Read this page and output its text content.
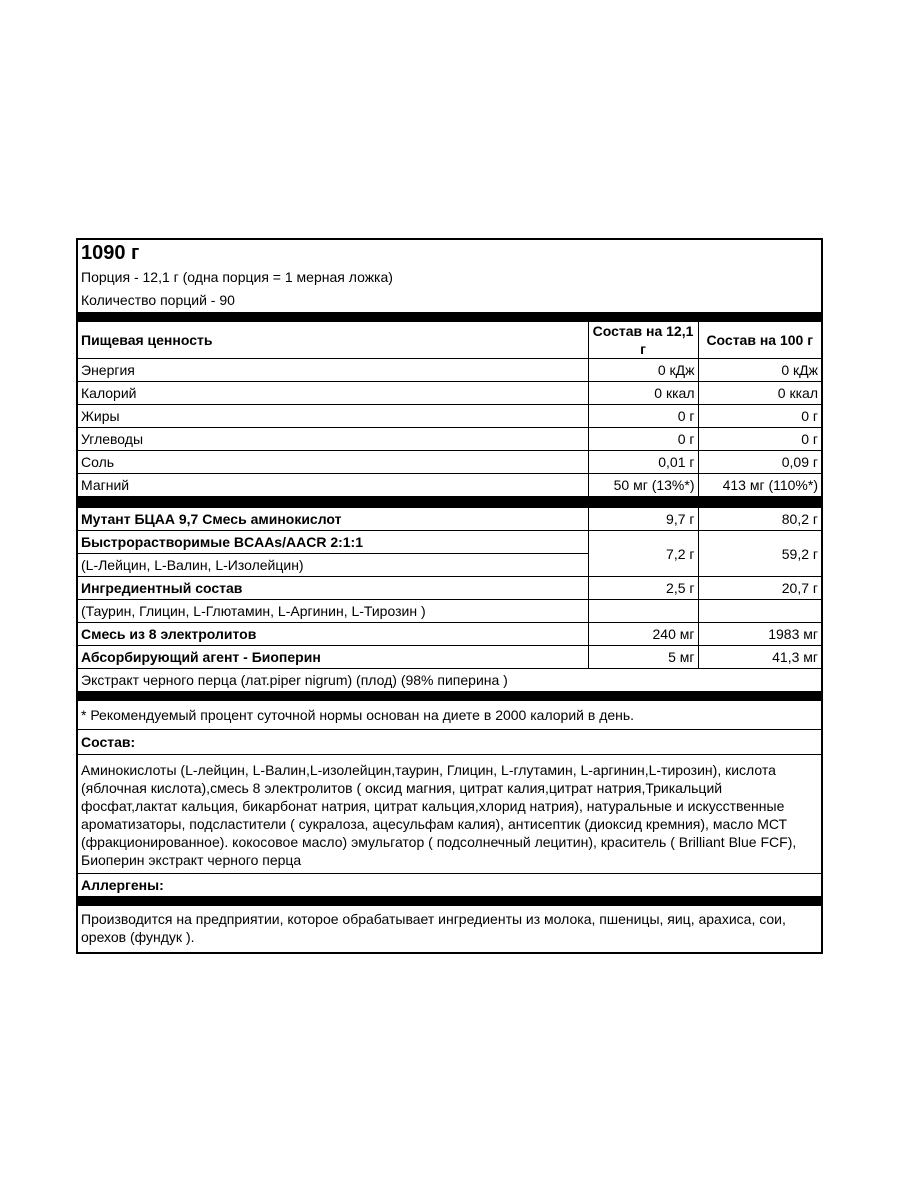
1090 г
Порция - 12,1 г (одна порция = 1 мерная ложка)
Количество порций - 90
Пищевая ценность	Состав на 12,1 г	Состав на 100 г
Энергия	0 кДж	0 кДж
Калорий	0 ккал	0 ккал
Жиры	0 г	0 г
Углеводы	0 г	0 г
Соль	0,01 г	0,09 г
Магний	50 мг (13%*)	413 мг (110%*)
Мутант БЦАА 9,7 Смесь аминокислот	9,7 г	80,2 г
Быстрорастворимые BCAAs/AACR 2:1:1	7,2 г	59,2 г
(L-Лейцин, L-Валин, L-Изолейцин)		
Ингредиентный состав	2,5 г	20,7 г
(Таурин, Глицин, L-Глютамин, L-Аргинин, L-Тирозин )		
Смесь из 8 электролитов	240 мг	1983 мг
Абсорбирующий агент - Биоперин	5 мг	41,3 мг
Экстракт черного перца (лат.piper nigrum) (плод) (98% пиперина )		
* Рекомендуемый процент суточной нормы основан на диете в 2000 калорий в день.
Состав:
Аминокислоты (L-лейцин, L-Валин,L-изолейцин,таурин, Глицин, L-глутамин, L-аргинин,L-тирозин), кислота
(яблочная кислота),смесь 8 электролитов ( оксид магния, цитрат калия,цитрат натрия,Трикальций
фосфат,лактат кальция, бикарбонат натрия, цитрат кальция,хлорид натрия), натуральные и искусственные
ароматизаторы, подсластители ( сукралоза, ацесульфам калия), антисептик (диоксид кремния), масло МСТ
(фракционированное). кокосовое масло) эмульгатор ( подсолнечный лецитин), краситель ( Brilliant Blue FCF),
Биоперин экстракт черного перца
Аллергены:
Производится на предприятии, которое обрабатывает ингредиенты из молока, пшеницы, яиц, арахиса, сои,
орехов (фундук ).
